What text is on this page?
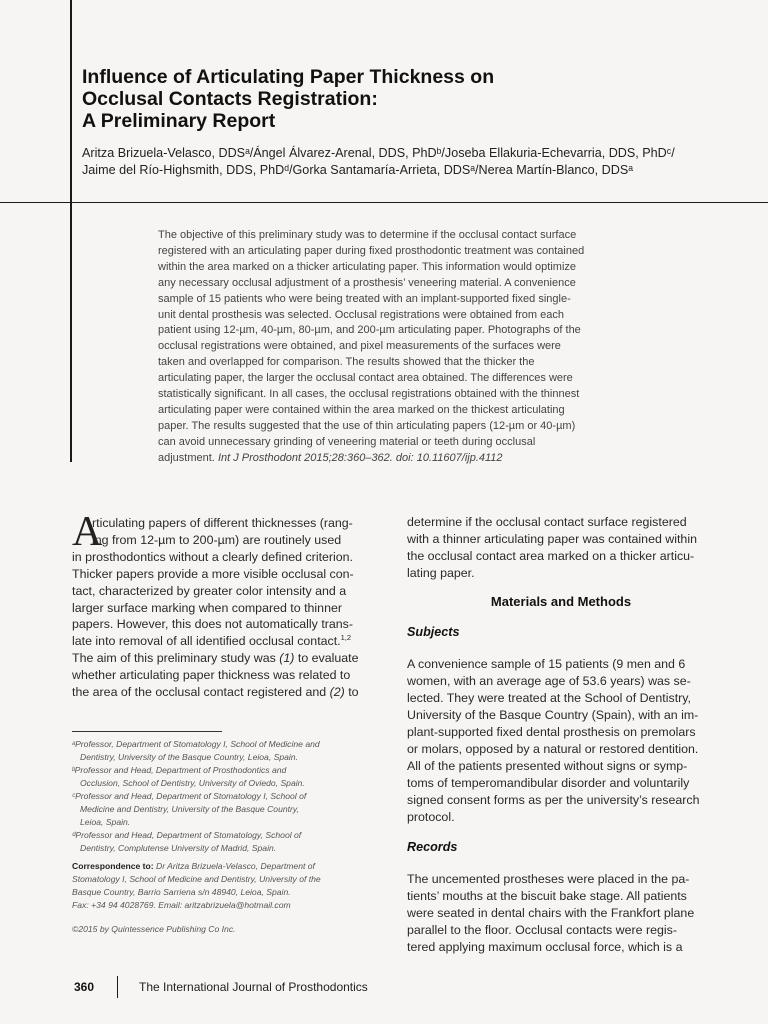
Influence of Articulating Paper Thickness on
Occlusal Contacts Registration:
A Preliminary Report
Aritza Brizuela-Velasco, DDSᵃ/Ángel Álvarez-Arenal, DDS, PhDᵇ/Joseba Ellakuria-Echevarria, DDS, PhDᶜ/
Jaime del Río-Highsmith, DDS, PhDᵈ/Gorka Santamaría-Arrieta, DDSᵃ/Nerea Martín-Blanco, DDSᵃ
The objective of this preliminary study was to determine if the occlusal contact surface
registered with an articulating paper during fixed prosthodontic treatment was contained
within the area marked on a thicker articulating paper. This information would optimize
any necessary occlusal adjustment of a prosthesis’ veneering material. A convenience
sample of 15 patients who were being treated with an implant-supported fixed single-
unit dental prosthesis was selected. Occlusal registrations were obtained from each
patient using 12-µm, 40-µm, 80-µm, and 200-µm articulating paper. Photographs of the
occlusal registrations were obtained, and pixel measurements of the surfaces were
taken and overlapped for comparison. The results showed that the thicker the
articulating paper, the larger the occlusal contact area obtained. The differences were
statistically significant. In all cases, the occlusal registrations obtained with the thinnest
articulating paper were contained within the area marked on the thickest articulating
paper. The results suggested that the use of thin articulating papers (12-µm or 40-µm)
can avoid unnecessary grinding of veneering material or teeth during occlusal
adjustment. Int J Prosthodont 2015;28:360–362. doi: 10.11607/ijp.4112
A
rticulating papers of different thicknesses (rang-
ing from 12-µm to 200-µm) are routinely used
in prosthodontics without a clearly defined criterion.
Thicker papers provide a more visible occlusal con-
tact, characterized by greater color intensity and a
larger surface marking when compared to thinner
papers. However, this does not automatically trans-
late into removal of all identified occlusal contact.$^{1,2}$
The aim of this preliminary study was (1) to evaluate
whether articulating paper thickness was related to
the area of the occlusal contact registered and (2) to
ᵃProfessor, Department of Stomatology I, School of Medicine and
Dentistry, University of the Basque Country, Leioa, Spain.
ᵇProfessor and Head, Department of Prosthodontics and
Occlusion, School of Dentistry, University of Oviedo, Spain.
ᶜProfessor and Head, Department of Stomatology I, School of
Medicine and Dentistry, University of the Basque Country,
Leioa, Spain.
ᵈProfessor and Head, Department of Stomatology, School of
Dentistry, Complutense University of Madrid, Spain.
Correspondence to: Dr Aritza Brizuela-Velasco, Department of
Stomatology I, School of Medicine and Dentistry, University of the
Basque Country, Barrio Sarriena s/n 48940, Leioa, Spain.
Fax: +34 94 4028769. Email: aritzabrizuela@hotmail.com
©2015 by Quintessence Publishing Co Inc.
determine if the occlusal contact surface registered
with a thinner articulating paper was contained within
the occlusal contact area marked on a thicker articu-
lating paper.
Materials and Methods
Subjects
A convenience sample of 15 patients (9 men and 6
women, with an average age of 53.6 years) was se-
lected. They were treated at the School of Dentistry,
University of the Basque Country (Spain), with an im-
plant-supported fixed dental prosthesis on premolars
or molars, opposed by a natural or restored dentition.
All of the patients presented without signs or symp-
toms of temperomandibular disorder and voluntarily
signed consent forms as per the university’s research
protocol.
Records
The uncemented prostheses were placed in the pa-
tients’ mouths at the biscuit bake stage. All patients
were seated in dental chairs with the Frankfort plane
parallel to the floor. Occlusal contacts were regis-
tered applying maximum occlusal force, which is a
360	The International Journal of Prosthodontics
